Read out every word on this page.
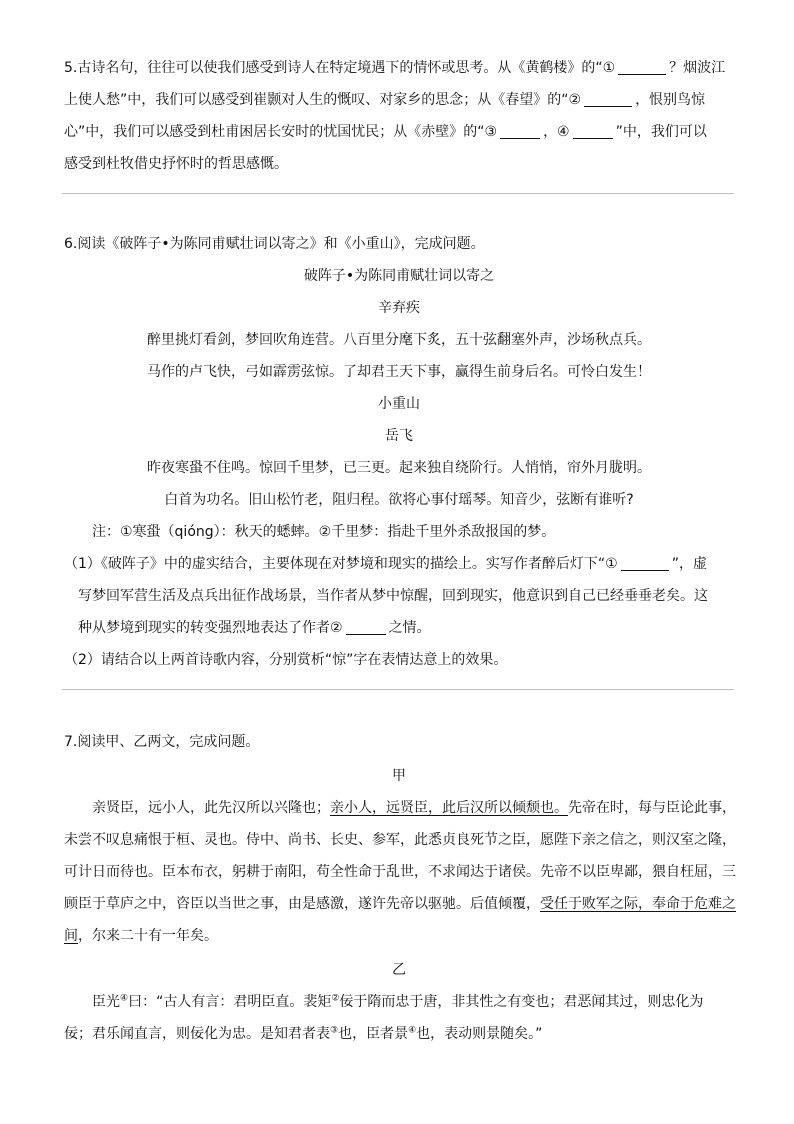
5.古诗名句，往往可以使我们感受到诗人在特定境遇下的情怀或思考。从《黄鹤楼》的“①	？烟波江
上使人愁”中，我们可以感受到崔颢对人生的慨叹、对家乡的思念；从《春望》的“②	，恨别鸟惊
心”中，我们可以感受到杜甫困居长安时的忧国忧民；从《赤壁》的“③	，④	”中，我们可以
感受到杜牧借史抒怀时的哲思感慨。
6.阅读《破阵子•为陈同甫赋壮词以寄之》和《小重山》，完成问题。
破阵子•为陈同甫赋壮词以寄之
辛弃疾
醉里挑灯看剑，梦回吹角连营。八百里分麾下炙，五十弦翻塞外声，沙场秋点兵。
马作的卢飞快，弓如霹雳弦惊。了却君王天下事，赢得生前身后名。可怜白发生！
小重山
岳飞
昨夜寒蛩不住鸣。惊回千里梦，已三更。起来独自绕阶行。人悄悄，帘外月胧明。
白首为功名。旧山松竹老，阻归程。欲将心事付瑶琴。知音少，弦断有谁听?
注：①寒蛩（qióng）：秋天的蟋蟀。②千里梦：指赴千里外杀敌报国的梦。
（1）《破阵子》中的虚实结合，主要体现在对梦境和现实的描绘上。实写作者醉后灯下“①	”，虚
写梦回军营生活及点兵出征作战场景，当作者从梦中惊醒，回到现实，他意识到自己已经垂垂老矣。这
种从梦境到现实的转变强烈地表达了作者②	之情。
（2）请结合以上两首诗歌内容，分别赏析“惊”字在表情达意上的效果。
7.阅读甲、乙两文，完成问题。
甲
亲贤臣，远小人，此先汉所以兴隆也；亲小人，远贤臣，此后汉所以倾颓也。先帝在时，每与臣论此事，
未尝不叹息痛恨于桓、灵也。侍中、尚书、长史、参军，此悉贞良死节之臣，愿陛下亲之信之，则汉室之隆，
可计日而待也。臣本布衣，躬耕于南阳，苟全性命于乱世，不求闻达于诸侯。先帝不以臣卑鄙，猥自枉屈，三
顾臣于草庐之中，咨臣以当世之事，由是感激，遂许先帝以驱驰。后值倾覆，受任于败军之际，奉命于危难之
间，尔来二十有一年矣。
乙
臣光④曰：“古人有言：君明臣直。裴矩②佞于隋而忠于唐，非其性之有变也；君恶闻其过，则忠化为
佞；君乐闻直言，则佞化为忠。是知君者表③也，臣者景④也，表动则景随矣。”
